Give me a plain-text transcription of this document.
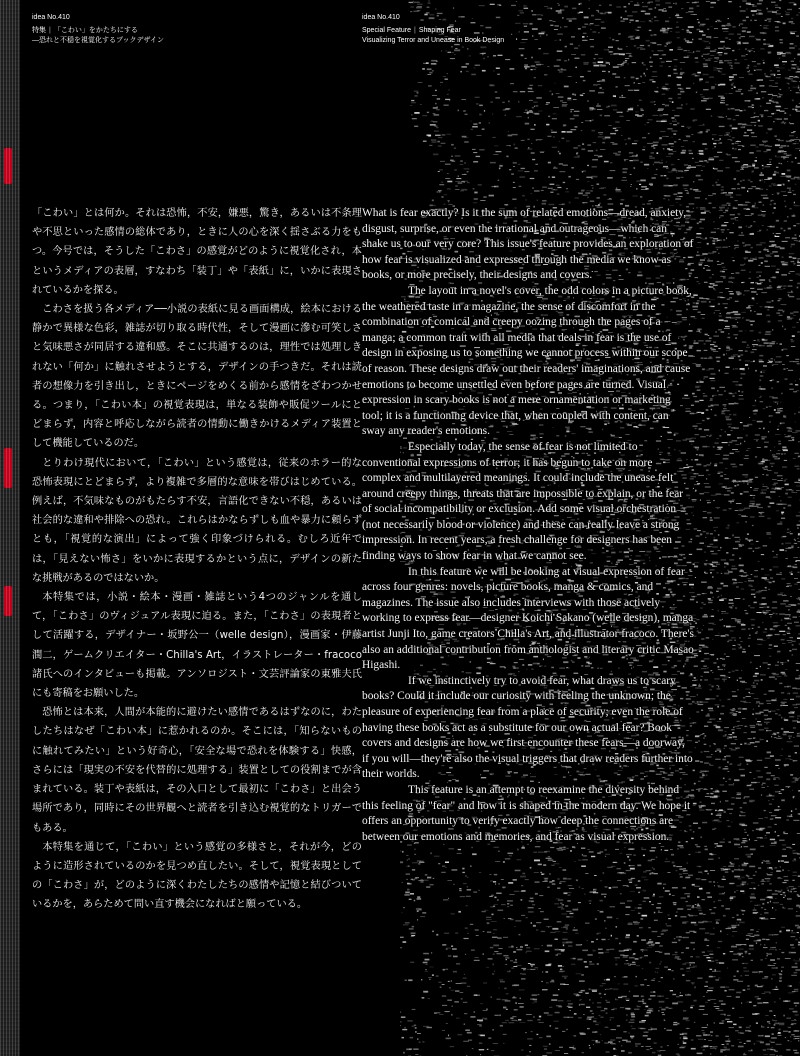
idea No.410
特集 | 「こわい」をかたちにする
―恐れと不穏を視覚化するブックデザイン
idea No.410
Special Feature | Shaping Fear
Visualizing Terror and Unease in Book Design

「こわい」とは何か。それは恐怖，不安，嫌悪，驚き，あるいは不条理や不思といった感情の総体であり，ときに人の心を深く揺さぶる力をもつ。今号では，そうした「こわさ」の感覚がどのように視覚化され，本というメディアの表層，すなわち「装丁」や「表紙」に，いかに表現されているかを探る。

こわさを扱う各メディア──小説の表紙に見る画面構成，絵本における静かで異様な色彩，雑誌が切り取る時代性，そして漫画に滲む可笑しさと気味悪さが同居する違和感。そこに共通するのは，理性では処理しきれない「何か」に触れさせようとする，デザインの手つきだ。それは読者の想像力を引き出し，ときにページをめくる前から感情をざわつかせる。つまり，「こわい本」の視覚表現は，単なる装飾や販促ツールにとどまらず，内容と呼応しながら読者の情動に働きかけるメディア装置として機能しているのだ。

とりわけ現代において，「こわい」という感覚は，従来のホラー的な恐怖表現にとどまらず，より複雑で多層的な意味を帯びはじめている。例えば，不気味なものがもたらす不安，言語化できない不穏，あるいは社会的な違和や排除への恐れ。これらはかならずしも血や暴力に頼らずとも，「視覚的な演出」によって強く印象づけられる。むしろ近年では，「見えない怖さ」をいかに表現するかという点に，デザインの新たな挑戦があるのではないか。

本特集では，小説・絵本・漫画・雑誌という4つのジャンルを通して，「こわさ」のヴィジュアル表現に迫る。また，「こわさ」の表現者として活躍する，デザイナー・坂野公一（welle design），漫画家・伊藤潤二，ゲームクリエイター・Chilla's Art，イラストレーター・fracoco諸氏へのインタビューも掲載。アンソロジスト・文芸評論家の東雅夫氏にも寄稿をお願いした。

恐怖とは本来，人間が本能的に避けたい感情であるはずなのに，わたしたちはなぜ「こわい本」に惹かれるのか。そこには，「知らないものに触れてみたい」という好奇心，「安全な場で恐れを体験する」快感，さらには「現実の不安を代替的に処理する」装置としての役割までが含まれている。装丁や表紙は，その入口として最初に「こわさ」と出会う場所であり，同時にその世界観へと読者を引き込む視覚的なトリガーでもある。

本特集を通じて，「こわい」という感覚の多様さと，それが今，どのように造形されているのかを見つめ直したい。そして，視覚表現としての「こわさ」が，どのように深くわたしたちの感情や記憶と結びついているかを，あらためて問い直す機会になればと願っている。

What is fear exactly? Is it the sum of related emotions—dread, anxiety, disgust, surprise, or even the irrational and outrageous—which can shake us to our very core? This issue's feature provides an exploration of how fear is visualized and expressed through the media we know as books, or more precisely, their designs and covers.

The layout in a novel's cover, the odd colors in a picture book, the weathered taste in a magazine, the sense of discomfort in the combination of comical and creepy oozing through the pages of a manga; a common trait with all media that deals in fear is the use of design in exposing us to something we cannot process within our scope of reason. These designs draw out their readers' imaginations, and cause emotions to become unsettled even before pages are turned. Visual expression in scary books is not a mere ornamentation or marketing tool; it is a functioning device that, when coupled with content, can sway any reader's emotions.

Especially today, the sense of fear is not limited to conventional expressions of terror; it has begun to take on more complex and multilayered meanings. It could include the unease felt around creepy things, threats that are impossible to explain, or the fear of social incompatibility or exclusion. Add some visual orchestration (not necessarily blood or violence) and these can really leave a strong impression. In recent years, a fresh challenge for designers has been finding ways to show fear in what we cannot see.

In this feature we will be looking at visual expression of fear across four genres: novels, picture books, manga & comics, and magazines. The issue also includes interviews with those actively working to express fear—designer Koichi Sakano (welle design), manga artist Junji Ito, game creators Chilla's Art, and illustrator fracoco. There's also an additional contribution from anthologist and literary critic Masao Higashi.

If we instinctively try to avoid fear, what draws us to scary books? Could it include our curiosity with feeling the unknown; the pleasure of experiencing fear from a place of security; even the role of having these books act as a substitute for our own actual fear? Book covers and designs are how we first encounter these fears—a doorway, if you will—they're also the visual triggers that draw readers further into their worlds.

This feature is an attempt to reexamine the diversity behind this feeling of "fear" and how it is shaped in the modern day. We hope it offers an opportunity to verify exactly how deep the connections are between our emotions and memories, and fear as visual expression.
